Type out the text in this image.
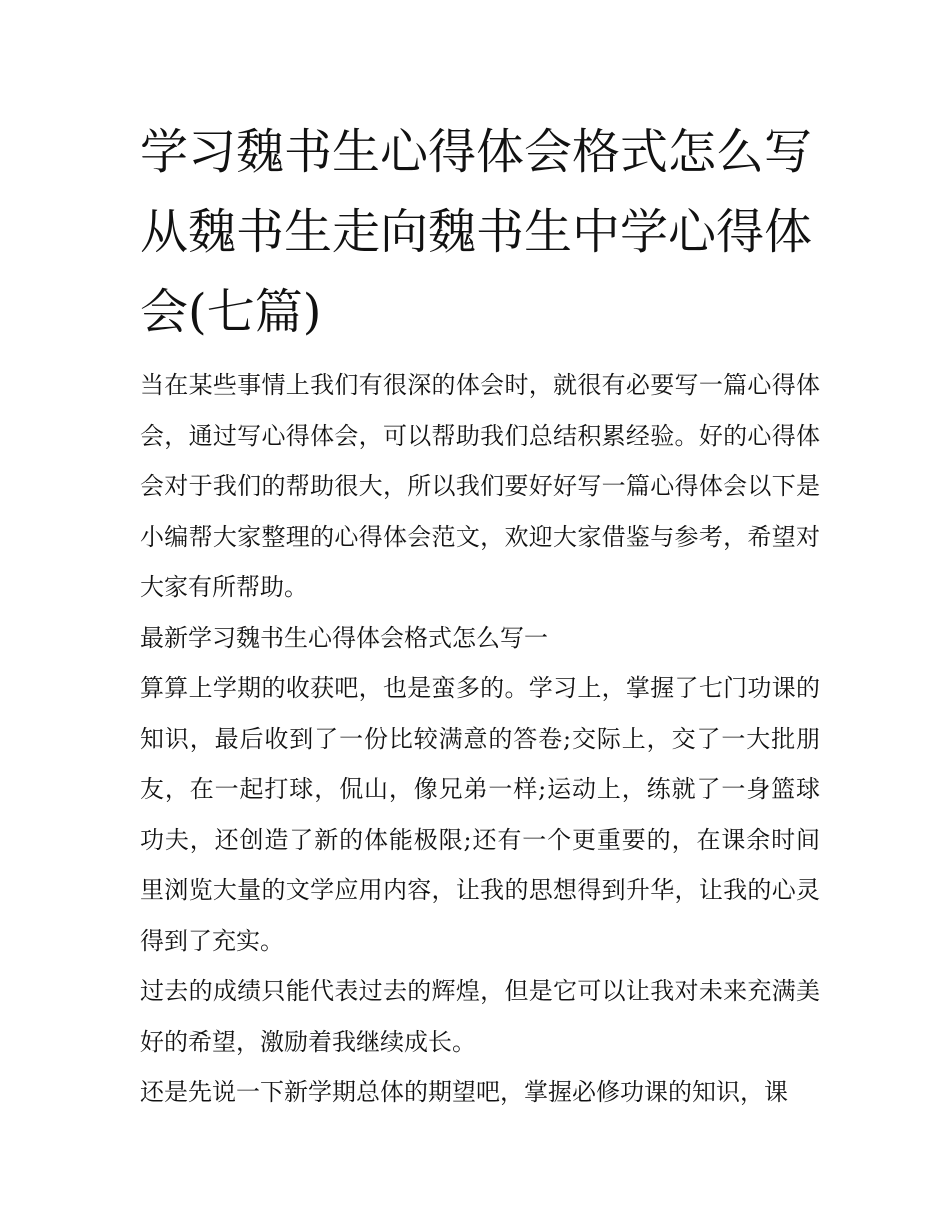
学习魏书生心得体会格式怎么写 从魏书生走向魏书生中学心得体会(七篇)

当在某些事情上我们有很深的体会时，就很有必要写一篇心得体会，通过写心得体会，可以帮助我们总结积累经验。好的心得体会对于我们的帮助很大，所以我们要好好写一篇心得体会以下是小编帮大家整理的心得体会范文，欢迎大家借鉴与参考，希望对大家有所帮助。

最新学习魏书生心得体会格式怎么写一

算算上学期的收获吧，也是蛮多的。学习上，掌握了七门功课的知识，最后收到了一份比较满意的答卷;交际上，交了一大批朋友，在一起打球，侃山，像兄弟一样;运动上，练就了一身篮球功夫，还创造了新的体能极限;还有一个更重要的，在课余时间里浏览大量的文学应用内容，让我的思想得到升华，让我的心灵得到了充实。

过去的成绩只能代表过去的辉煌，但是它可以让我对未来充满美好的希望，激励着我继续成长。

还是先说一下新学期总体的期望吧，掌握必修功课的知识，课
